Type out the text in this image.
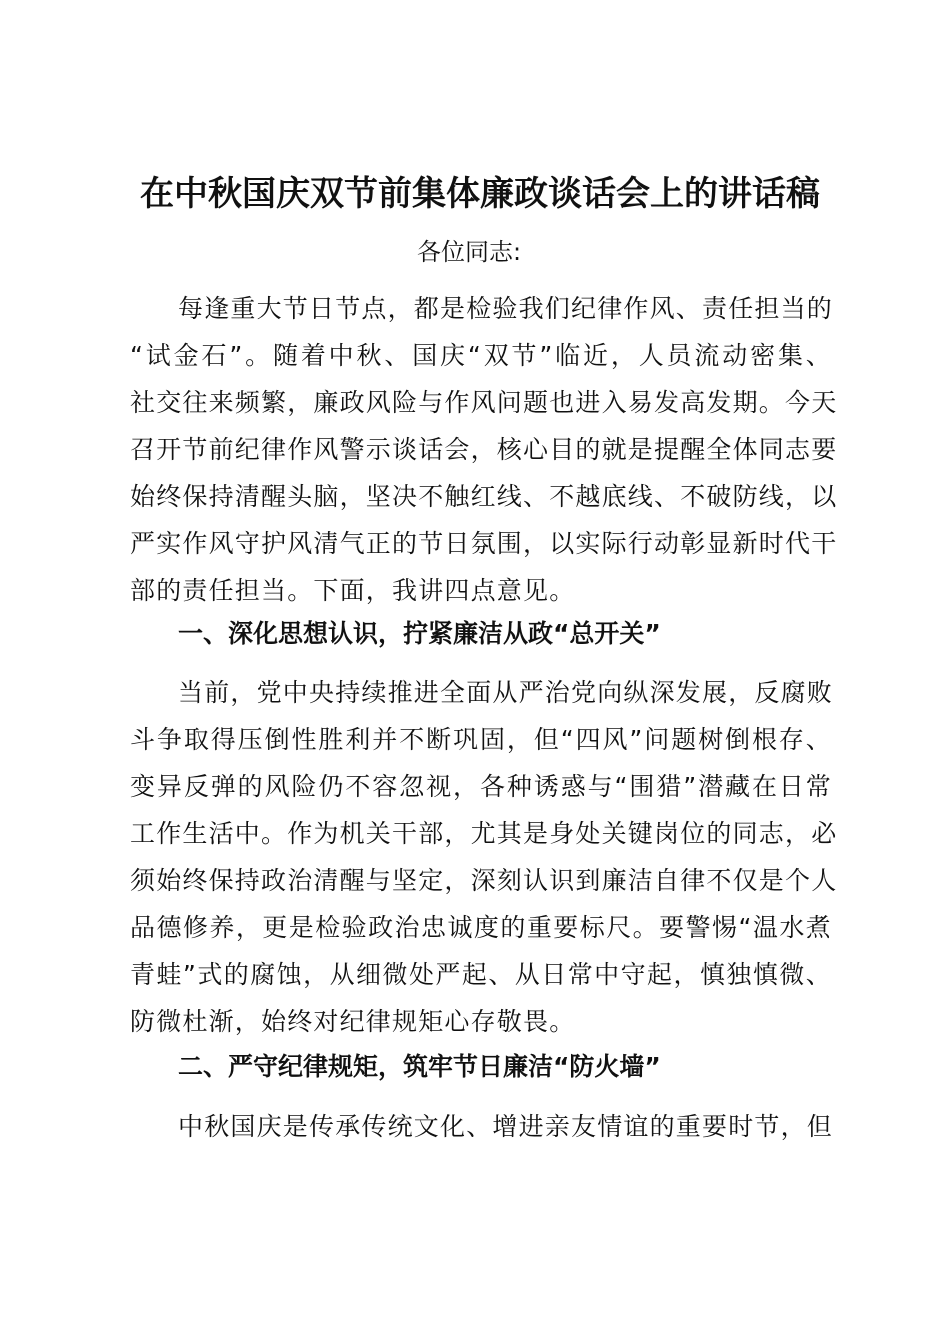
在中秋国庆双节前集体廉政谈话会上的讲话稿
各位同志:
每逢重大节日节点，都是检验我们纪律作风、责任担当的
“试金石”。随着中秋、国庆“双节”临近，人员流动密集、
社交往来频繁，廉政风险与作风问题也进入易发高发期。今天
召开节前纪律作风警示谈话会，核心目的就是提醒全体同志要
始终保持清醒头脑，坚决不触红线、不越底线、不破防线，以
严实作风守护风清气正的节日氛围，以实际行动彰显新时代干
部的责任担当。下面，我讲四点意见。
一、深化思想认识，拧紧廉洁从政“总开关”
当前，党中央持续推进全面从严治党向纵深发展，反腐败
斗争取得压倒性胜利并不断巩固，但“四风”问题树倒根存、
变异反弹的风险仍不容忽视，各种诱惑与“围猎”潜藏在日常
工作生活中。作为机关干部，尤其是身处关键岗位的同志，必
须始终保持政治清醒与坚定，深刻认识到廉洁自律不仅是个人
品德修养，更是检验政治忠诚度的重要标尺。要警惕“温水煮
青蛙”式的腐蚀，从细微处严起、从日常中守起，慎独慎微、
防微杜渐，始终对纪律规矩心存敬畏。
二、严守纪律规矩，筑牢节日廉洁“防火墙”
中秋国庆是传承传统文化、增进亲友情谊的重要时节，但
